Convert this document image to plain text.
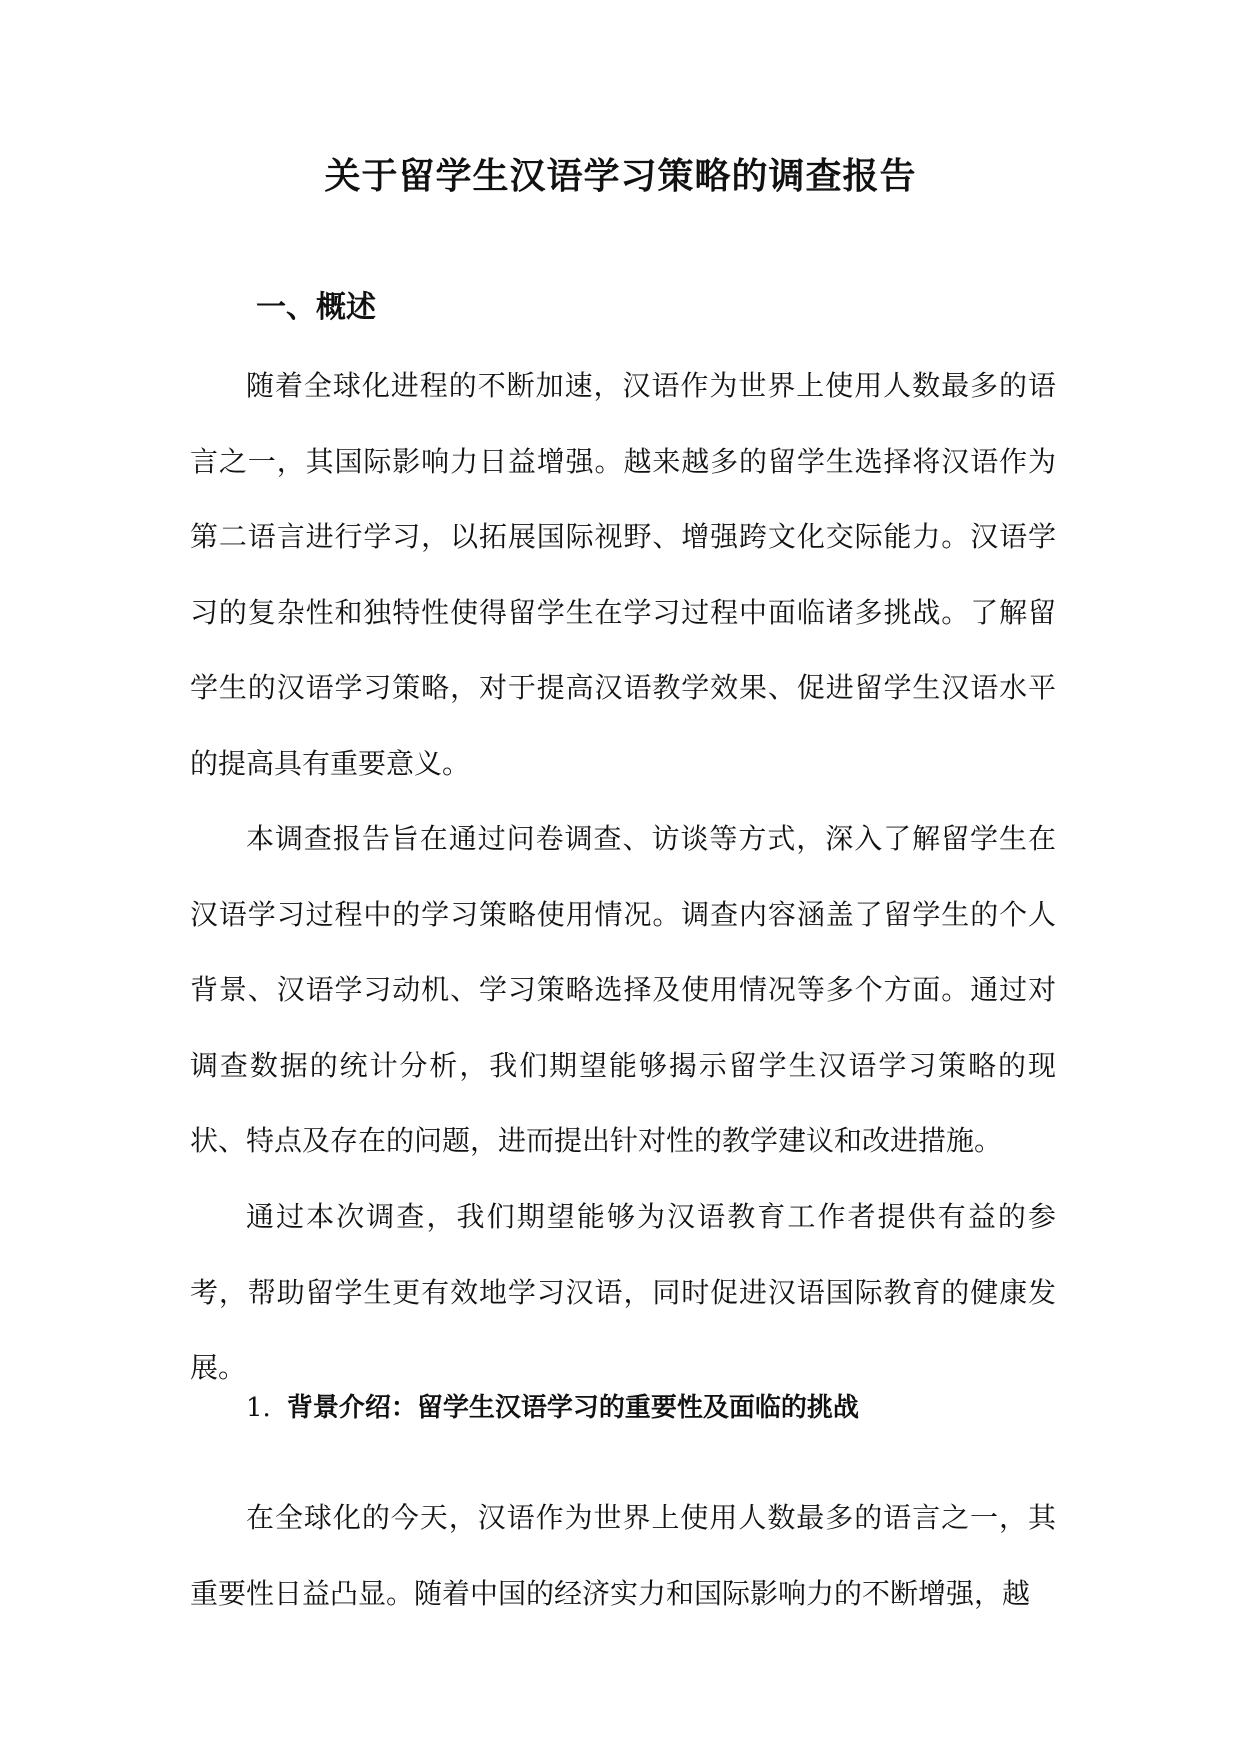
关于留学生汉语学习策略的调查报告
一、概述

随着全球化进程的不断加速，汉语作为世界上使用人数最多的语言之一，其国际影响力日益增强。越来越多的留学生选择将汉语作为第二语言进行学习，以拓展国际视野、增强跨文化交际能力。汉语学习的复杂性和独特性使得留学生在学习过程中面临诸多挑战。了解留学生的汉语学习策略，对于提高汉语教学效果、促进留学生汉语水平的提高具有重要意义。

本调查报告旨在通过问卷调查、访谈等方式，深入了解留学生在汉语学习过程中的学习策略使用情况。调查内容涵盖了留学生的个人背景、汉语学习动机、学习策略选择及使用情况等多个方面。通过对调查数据的统计分析，我们期望能够揭示留学生汉语学习策略的现状、特点及存在的问题，进而提出针对性的教学建议和改进措施。

通过本次调查，我们期望能够为汉语教育工作者提供有益的参考，帮助留学生更有效地学习汉语，同时促进汉语国际教育的健康发展。

1. 背景介绍：留学生汉语学习的重要性及面临的挑战

在全球化的今天，汉语作为世界上使用人数最多的语言之一，其重要性日益凸显。随着中国的经济实力和国际影响力的不断增强，越
